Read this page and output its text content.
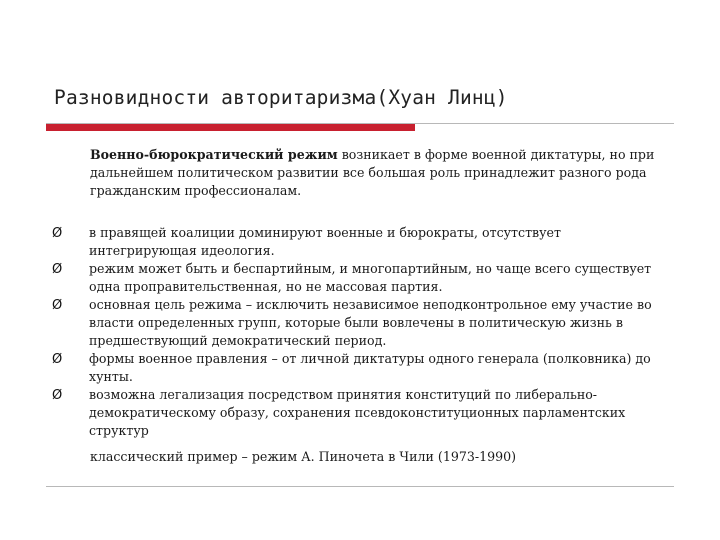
Разновидности авторитаризма(Хуан Линц)

Военно-бюрократический режим возникает в форме военной диктатуры, но при дальнейшем политическом развитии все большая роль принадлежит разного рода гражданским профессионалам.

Ø в правящей коалиции доминируют военные и бюрократы, отсутствует интегрирующая идеология.
Ø режим может быть и беспартийным, и многопартийным, но чаще всего существует одна проправительственная, но не массовая партия.
Ø основная цель режима – исключить независимое неподконтрольное ему участие во власти определенных групп, которые были вовлечены в политическую жизнь в предшествующий демократический период.
Ø формы военное правления – от личной диктатуры одного генерала (полковника) до хунты.
Ø возможна легализация посредством принятия конституций по либерально-демократическому образу, сохранения псевдоконституционных парламентских структур

классический пример – режим А. Пиночета в Чили (1973-1990)
